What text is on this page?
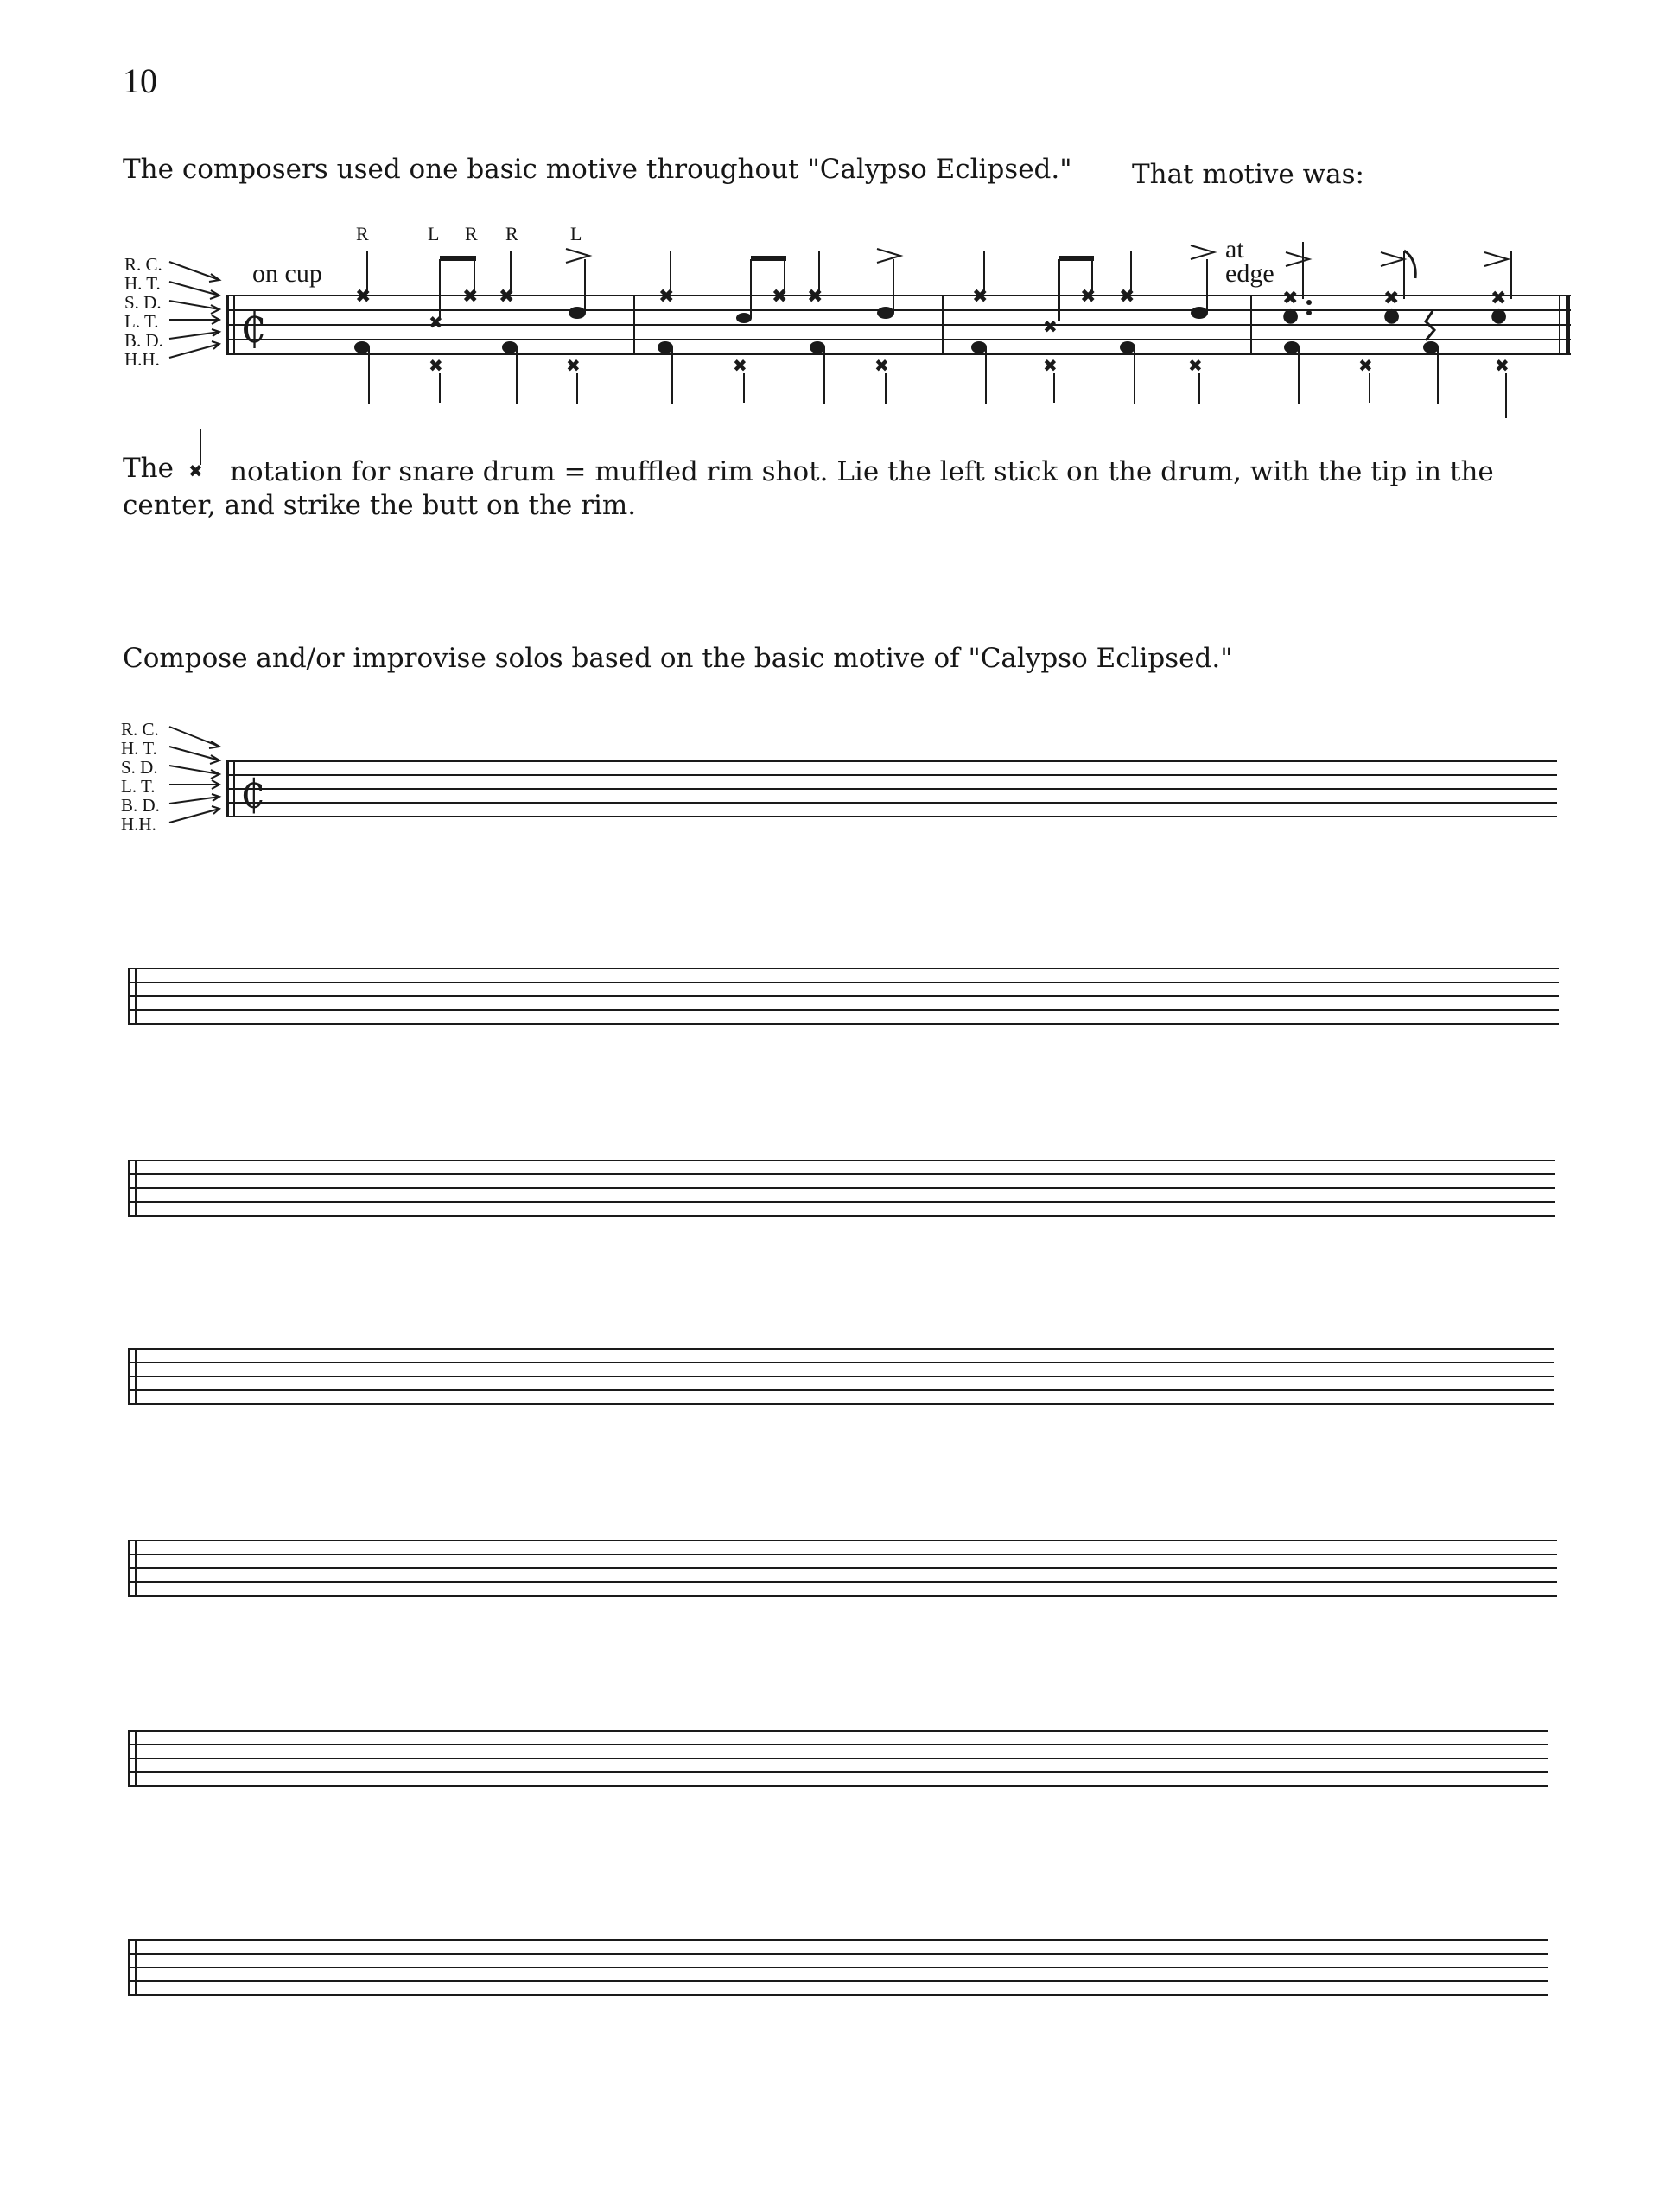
10
The composers used one basic motive throughout "Calypso Eclipsed." That motive was:
R. C.
H. T.
S. D.
L. T.
B. D.
H.H.
₵
✖
✖
✖
✖ ✖
✖
✖
✖
✖ ✖
✖
✖
✖
✖
✖ ✖
✖
✖
●
✖
✖
●
✖
●
✖
R	L R R	L
on cup
at
edge
The ✖ notation for snare drum = muffled rim shot. Lie the left stick on the drum, with the tip in the
center, and strike the butt on the rim.
Compose and/or improvise solos based on the basic motive of "Calypso Eclipsed."
R. C.
H. T.
S. D.
L. T.
B. D.
H.H.
₵
